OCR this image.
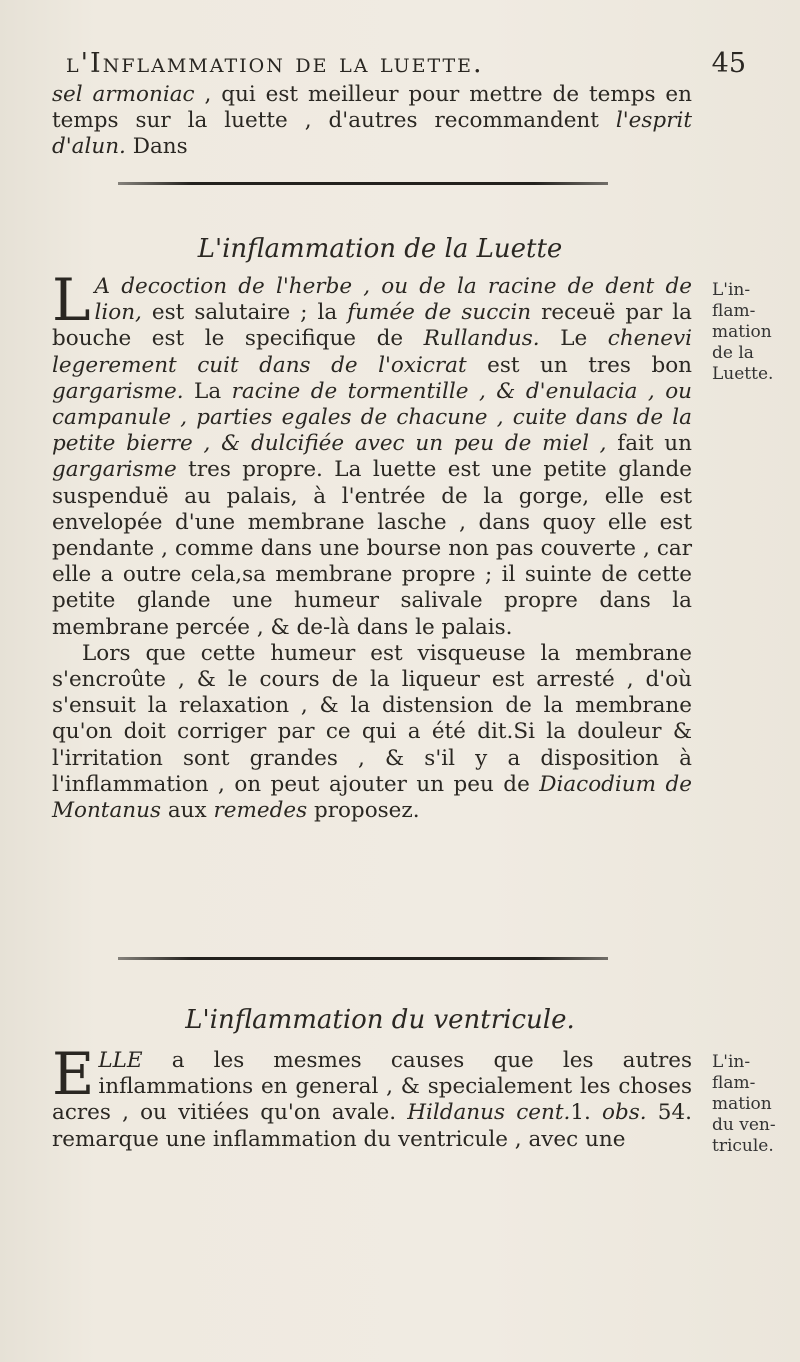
l'Inflammation de la luette.	45

sel armoniac , qui est meilleur pour mettre de temps en temps sur la luette , d'autres recommandent l'esprit d'alun. Dans

L'inflammation de la Luette

L A decoction de l'herbe , ou de la racine de dent de lion, est salutaire ; la fumée de succin receuë par la bouche est le specifique de Rullandus. Le chenevi legerement cuit dans de l'oxicrat est un tres bon gargarisme. La racine de tormentille , & d'enulacia , ou campanule , parties egales de chacune , cuite dans de la petite bierre , & dulcifiée avec un peu de miel , fait un gargarisme tres propre. La luette est une petite glande suspenduë au palais, à l'entrée de la gorge, elle est envelopée d'une membrane lasche , dans quoy elle est pendante , comme dans une bourse non pas couverte , car elle a outre cela,sa membrane propre ; il suinte de cette petite glande une humeur salivale propre dans la membrane percée , & de-là dans le palais.

Lors que cette humeur est visqueuse la membrane s'encroûte , & le cours de la liqueur est arresté , d'où s'ensuit la relaxation , & la distension de la membrane qu'on doit corriger par ce qui a été dit.Si la douleur & l'irritation sont grandes , & s'il y a disposition à l'inflammation , on peut ajouter un peu de Diacodium de Montanus aux remedes proposez.

L'in- flam- mation de la Luette.
L'inflammation du ventricule.

ELLE a les mesmes causes que les autres inflammations en general , & specialement les choses acres , ou vitiées qu'on avale. Hildanus cent.1. obs. 54. remarque une inflammation du ventricule , avec une

L'in- flam- mation du ven- tricule.
